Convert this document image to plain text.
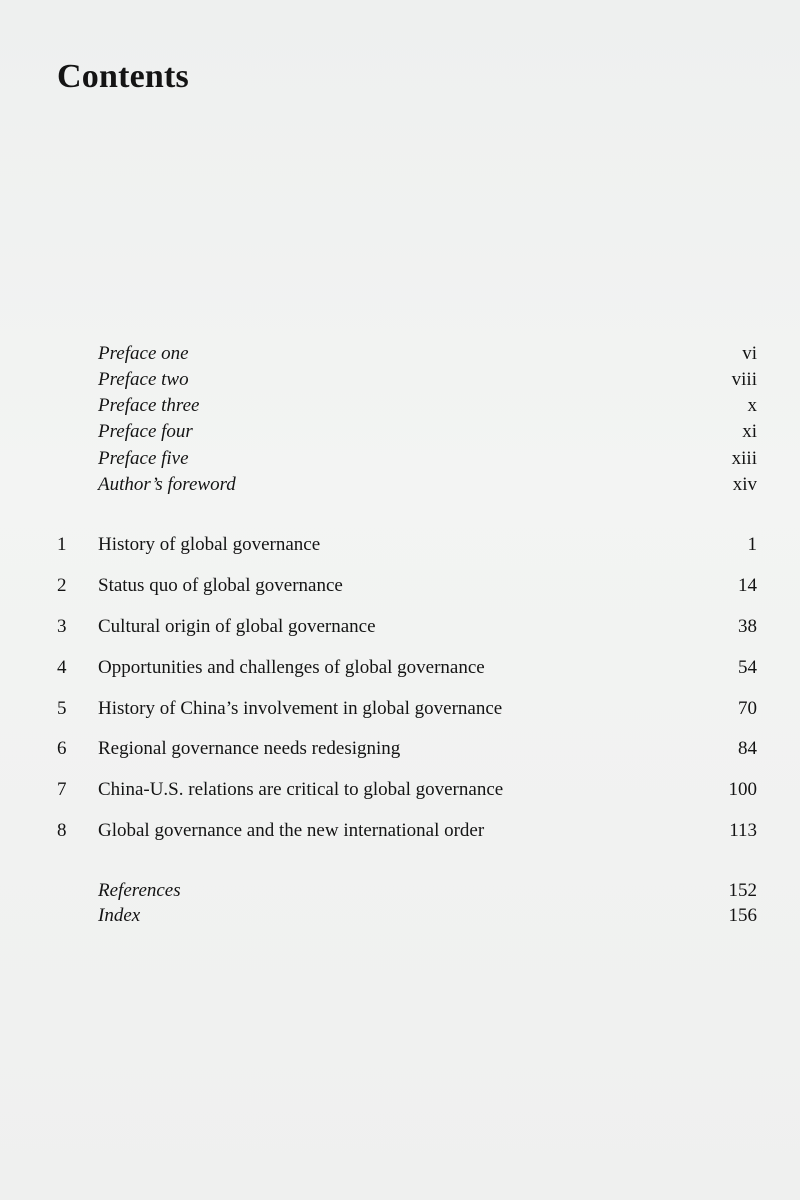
Contents
Preface one	vi
Preface two	viii
Preface three	x
Preface four	xi
Preface five	xiii
Author’s foreword	xiv
1 History of global governance	1
2 Status quo of global governance	14
3 Cultural origin of global governance	38
4 Opportunities and challenges of global governance	54
5 History of China’s involvement in global governance	70
6 Regional governance needs redesigning	84
7 China-U.S. relations are critical to global governance	100
8 Global governance and the new international order	113
References	152
Index	156
